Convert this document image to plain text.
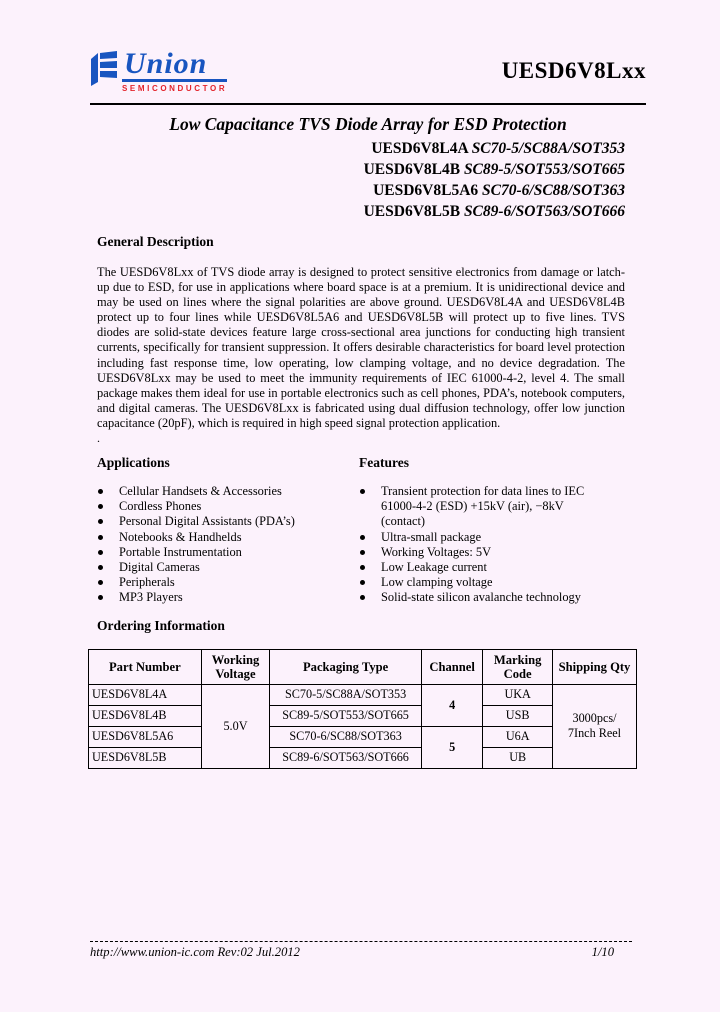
Union
SEMICONDUCTOR
UESD6V8Lxx
Low Capacitance TVS Diode Array for ESD Protection
UESD6V8L4A SC70-5/SC88A/SOT353
UESD6V8L4B SC89-5/SOT553/SOT665
UESD6V8L5A6 SC70-6/SC88/SOT363
UESD6V8L5B SC89-6/SOT563/SOT666
General Description
The UESD6V8Lxx of TVS diode array is designed to protect sensitive electronics from damage or latch-up due to ESD, for use in applications where board space is at a premium. It is unidirectional device and may be used on lines where the signal polarities are above ground. UESD6V8L4A and UESD6V8L4B protect up to four lines while UESD6V8L5A6 and UESD6V8L5B will protect up to five lines. TVS diodes are solid-state devices feature large cross-sectional area junctions for conducting high transient currents, specifically for transient suppression. It offers desirable characteristics for board level protection including fast response time, low operating, low clamping voltage, and no device degradation. The UESD6V8Lxx may be used to meet the immunity requirements of IEC 61000-4-2, level 4. The small package makes them ideal for use in portable electronics such as cell phones, PDA’s, notebook computers, and digital cameras. The UESD6V8Lxx is fabricated using dual diffusion technology, offer low junction capacitance (20pF), which is required in high speed signal protection application.
.
Applications
Cellular Handsets & Accessories
Cordless Phones
Personal Digital Assistants (PDA’s)
Notebooks & Handhelds
Portable Instrumentation
Digital Cameras
Peripherals
MP3 Players
Features
Transient protection for data lines to IEC 61000-4-2 (ESD) +15kV (air), −8kV (contact)
Ultra-small package
Working Voltages: 5V
Low Leakage current
Low clamping voltage
Solid-state silicon avalanche technology
Ordering Information
Part Number	Working Voltage	Packaging Type	Channel	Marking Code	Shipping Qty
UESD6V8L4A	5.0V	SC70-5/SC88A/SOT353	4	UKA	3000pcs/
7Inch Reel
UESD6V8L4B		SC89-5/SOT553/SOT665		USB	
UESD6V8L5A6		SC70-6/SC88/SOT363	5	U6A	
UESD6V8L5B		SC89-6/SOT563/SOT666		UB	
http://www.union-ic.com Rev:02 Jul.2012	1/10
